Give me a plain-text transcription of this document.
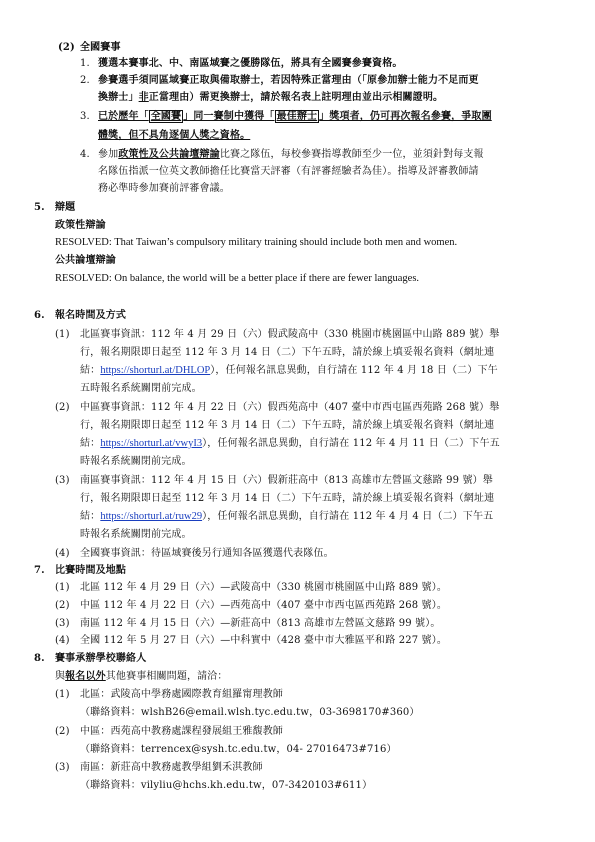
(2) 全國賽事
1. 獲選本賽事北、中、南區域賽之優勝隊伍，將具有全國賽參賽資格。
2. 參賽選手須同區域賽正取與備取辦士，若因特殊正當理由（「原參加辦士能力不足而更
換辦士」非正當理由）需更換辦士，請於報名表上註明理由並出示相關證明。
3. 已於歷年「 全國賽 」同一賽制中獲得「 最佳辦士 」獎項者，仍可再次報名參賽，爭取團
體獎，但不具角逐個人獎之資格。
4. 參加政策性及公共論壇辯論比賽之隊伍，每校參賽指導教師至少一位，並須針對每支報
名隊伍指派一位英文教師擔任比賽當天評審（有評審經驗者為佳）。指導及評審教師請
務必準時參加賽前評審會議。
5. 辯題
政策性辯論
RESOLVED: That Taiwan’s compulsory military training should include both men and women.
公共論壇辯論
RESOLVED: On balance, the world will be a better place if there are fewer languages.
6. 報名時間及方式
(1) 北區賽事資訊：112 年 4 月 29 日（六）假武陵高中（330 桃園市桃園區中山路 889 號）舉
行，報名期限即日起至 112 年 3 月 14 日（二）下午五時，請於線上填妥報名資料（網址連
結：https://shorturl.at/DHLOP），任何報名訊息異動，自行請在 112 年 4 月 18 日（二）下午
五時報名系統關閉前完成。
(2) 中區賽事資訊：112 年 4 月 22 日（六）假西苑高中（407 臺中市西屯區西苑路 268 號）舉
行，報名期限即日起至 112 年 3 月 14 日（二）下午五時，請於線上填妥報名資料（網址連
結：https://shorturl.at/vwyI3），任何報名訊息異動，自行請在 112 年 4 月 11 日（二）下午五
時報名系統關閉前完成。
(3) 南區賽事資訊：112 年 4 月 15 日（六）假新莊高中（813 高雄市左營區文慈路 99 號）舉
行，報名期限即日起至 112 年 3 月 14 日（二）下午五時，請於線上填妥報名資料（網址連
結：https://shorturl.at/ruw29），任何報名訊息異動，自行請在 112 年 4 月 4 日（二）下午五
時報名系統關閉前完成。
(4) 全國賽事資訊：待區域賽後另行通知各區獲選代表隊伍。
7. 比賽時間及地點
(1) 北區 112 年 4 月 29 日（六）—武陵高中（330 桃園市桃園區中山路 889 號）。
(2) 中區 112 年 4 月 22 日（六）—西苑高中（407 臺中市西屯區西苑路 268 號）。
(3) 南區 112 年 4 月 15 日（六）—新莊高中（813 高雄市左營區文慈路 99 號）。
(4) 全國 112 年 5 月 27 日（六）—中科實中（428 臺中市大雅區平和路 227 號）。
8. 賽事承辦學校聯絡人
與報名以外其他賽事相關問題，請洽：
(1) 北區：武陵高中學務處國際教育組羅甯理教師
（聯絡資料：wlshB26@email.wlsh.tyc.edu.tw，03-3698170#360）
(2) 中區：西苑高中教務處課程發展組王雅馥教師
（聯絡資料：terrencex@sysh.tc.edu.tw，04- 27016473#716）
(3) 南區：新莊高中教務處教學組劉禾淇教師
（聯絡資料：vilyliu@hchs.kh.edu.tw，07-3420103#611）
